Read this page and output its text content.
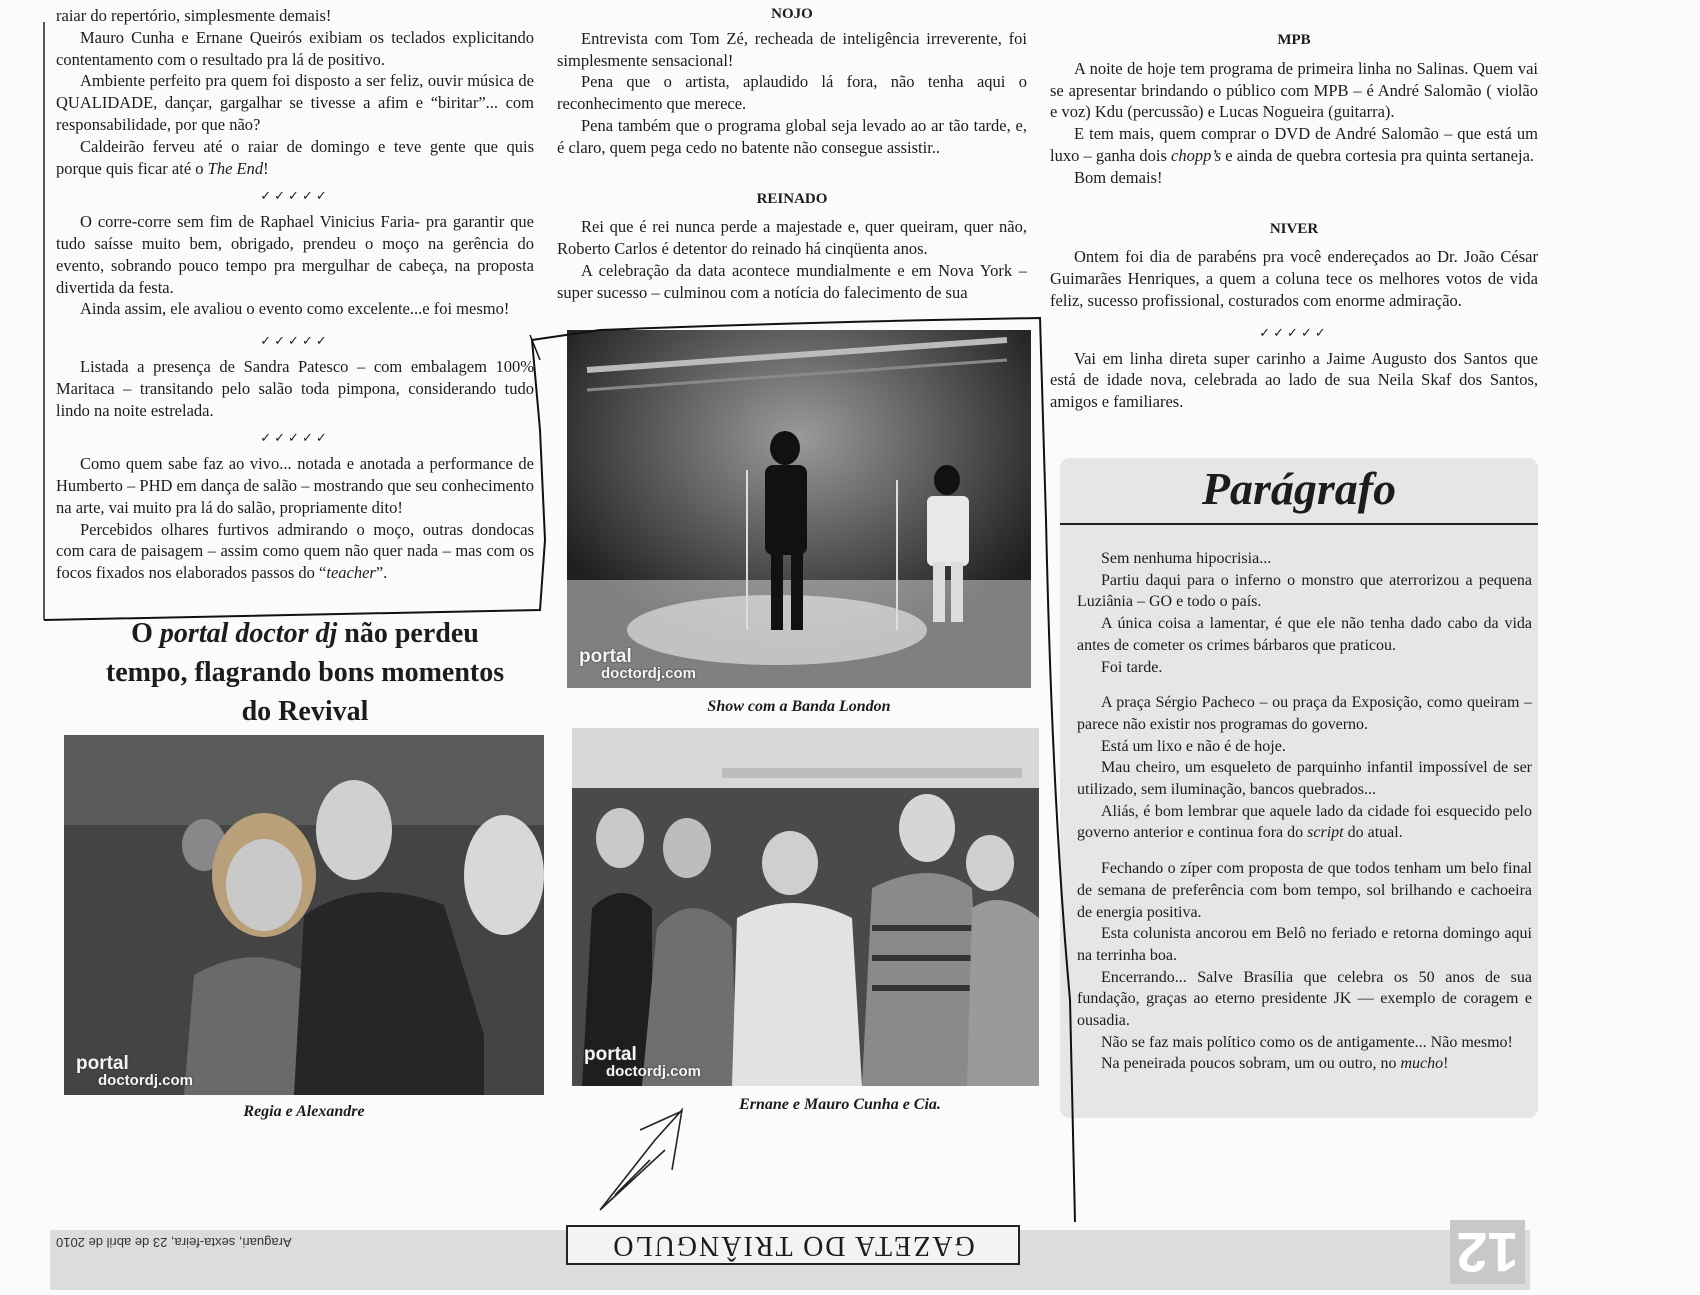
raiar do repertório, simplesmente demais!

Mauro Cunha e Ernane Queirós exibiam os teclados explicitando contentamento com o resultado pra lá de positivo.

Ambiente perfeito pra quem foi disposto a ser feliz, ouvir música de QUALIDADE, dançar, gargalhar se tivesse a afim e “biritar”... com responsabilidade, por que não?

Caldeirão ferveu até o raiar de domingo e teve gente que quis porque quis ficar até o The End!

✓✓✓✓✓

O corre-corre sem fim de Raphael Vinicius Faria- pra garantir que tudo saísse muito bem, obrigado, prendeu o moço na gerência do evento, sobrando pouco tempo pra mergulhar de cabeça, na proposta divertida da festa.

Ainda assim, ele avaliou o evento como excelente...e foi mesmo!

✓✓✓✓✓

Listada a presença de Sandra Patesco – com embalagem 100% Maritaca – transitando pelo salão toda pimpona, considerando tudo lindo na noite estrelada.

✓✓✓✓✓

Como quem sabe faz ao vivo... notada e anotada a performance de Humberto – PHD em dança de salão – mostrando que seu conhecimento na arte, vai muito pra lá do salão, propriamente dito!

Percebidos olhares furtivos admirando o moço, outras dondocas com cara de paisagem – assim como quem não quer nada – mas com os focos fixados nos elaborados passos do “teacher”.

O portal doctor dj não perdeu tempo, flagrando bons momentos do Revival
NOJO

Entrevista com Tom Zé, recheada de inteligência irreverente, foi simplesmente sensacional!

Pena que o artista, aplaudido lá fora, não tenha aqui o reconhecimento que merece.

Pena também que o programa global seja levado ao ar tão tarde, e, é claro, quem pega cedo no batente não consegue assistir..

REINADO

Rei que é rei nunca perde a majestade e, quer queiram, quer não, Roberto Carlos é detentor do reinado há cinqüenta anos.

A celebração da data acontece mundialmente e em Nova York – super sucesso – culminou com a notícia do falecimento de sua

MPB

A noite de hoje tem programa de primeira linha no Salinas. Quem vai se apresentar brindando o público com MPB – é André Salomão ( violão e voz) Kdu (percussão) e Lucas Nogueira (guitarra).

E tem mais, quem comprar o DVD de André Salomão – que está um luxo – ganha dois chopp’s e ainda de quebra cortesia pra quinta sertaneja.

Bom demais!

NIVER

Ontem foi dia de parabéns pra você endereçados ao Dr. João César Guimarães Henriques, a quem a coluna tece os melhores votos de vida feliz, sucesso profissional, costurados com enorme admiração.

✓✓✓✓✓

Vai em linha direta super carinho a Jaime Augusto dos Santos que está de idade nova, celebrada ao lado de sua Neila Skaf dos Santos, amigos e familiares.

Parágrafo

Sem nenhuma hipocrisia...

Partiu daqui para o inferno o monstro que aterrorizou a pequena Luziânia – GO e todo o país.

A única coisa a lamentar, é que ele não tenha dado cabo da vida antes de cometer os crimes bárbaros que praticou.

Foi tarde.

A praça Sérgio Pacheco – ou praça da Exposição, como queiram – parece não existir nos programas do governo.

Está um lixo e não é de hoje.

Mau cheiro, um esqueleto de parquinho infantil impossível de ser utilizado, sem iluminação, bancos quebrados...

Aliás, é bom lembrar que aquele lado da cidade foi esquecido pelo governo anterior e continua fora do script do atual.

Fechando o zíper com proposta de que todos tenham um belo final de semana de preferência com bom tempo, sol brilhando e cachoeira de energia positiva.

Esta colunista ancorou em Belô no feriado e retorna domingo aqui na terrinha boa.

Encerrando... Salve Brasília que celebra os 50 anos de sua fundação, graças ao eterno presidente JK — exemplo de coragem e ousadia.

Não se faz mais político como os de antigamente... Não mesmo!

Na peneirada poucos sobram, um ou outro, no mucho!

portal
doctordj.com
Show com a Banda London
portal
doctordj.com
Regia e Alexandre
portal
doctordj.com
Ernane e Mauro Cunha e Cia.
Araguari, sexta-feira, 23 de abril de 2010	GAZETA DO TRIÂNGULO	12
